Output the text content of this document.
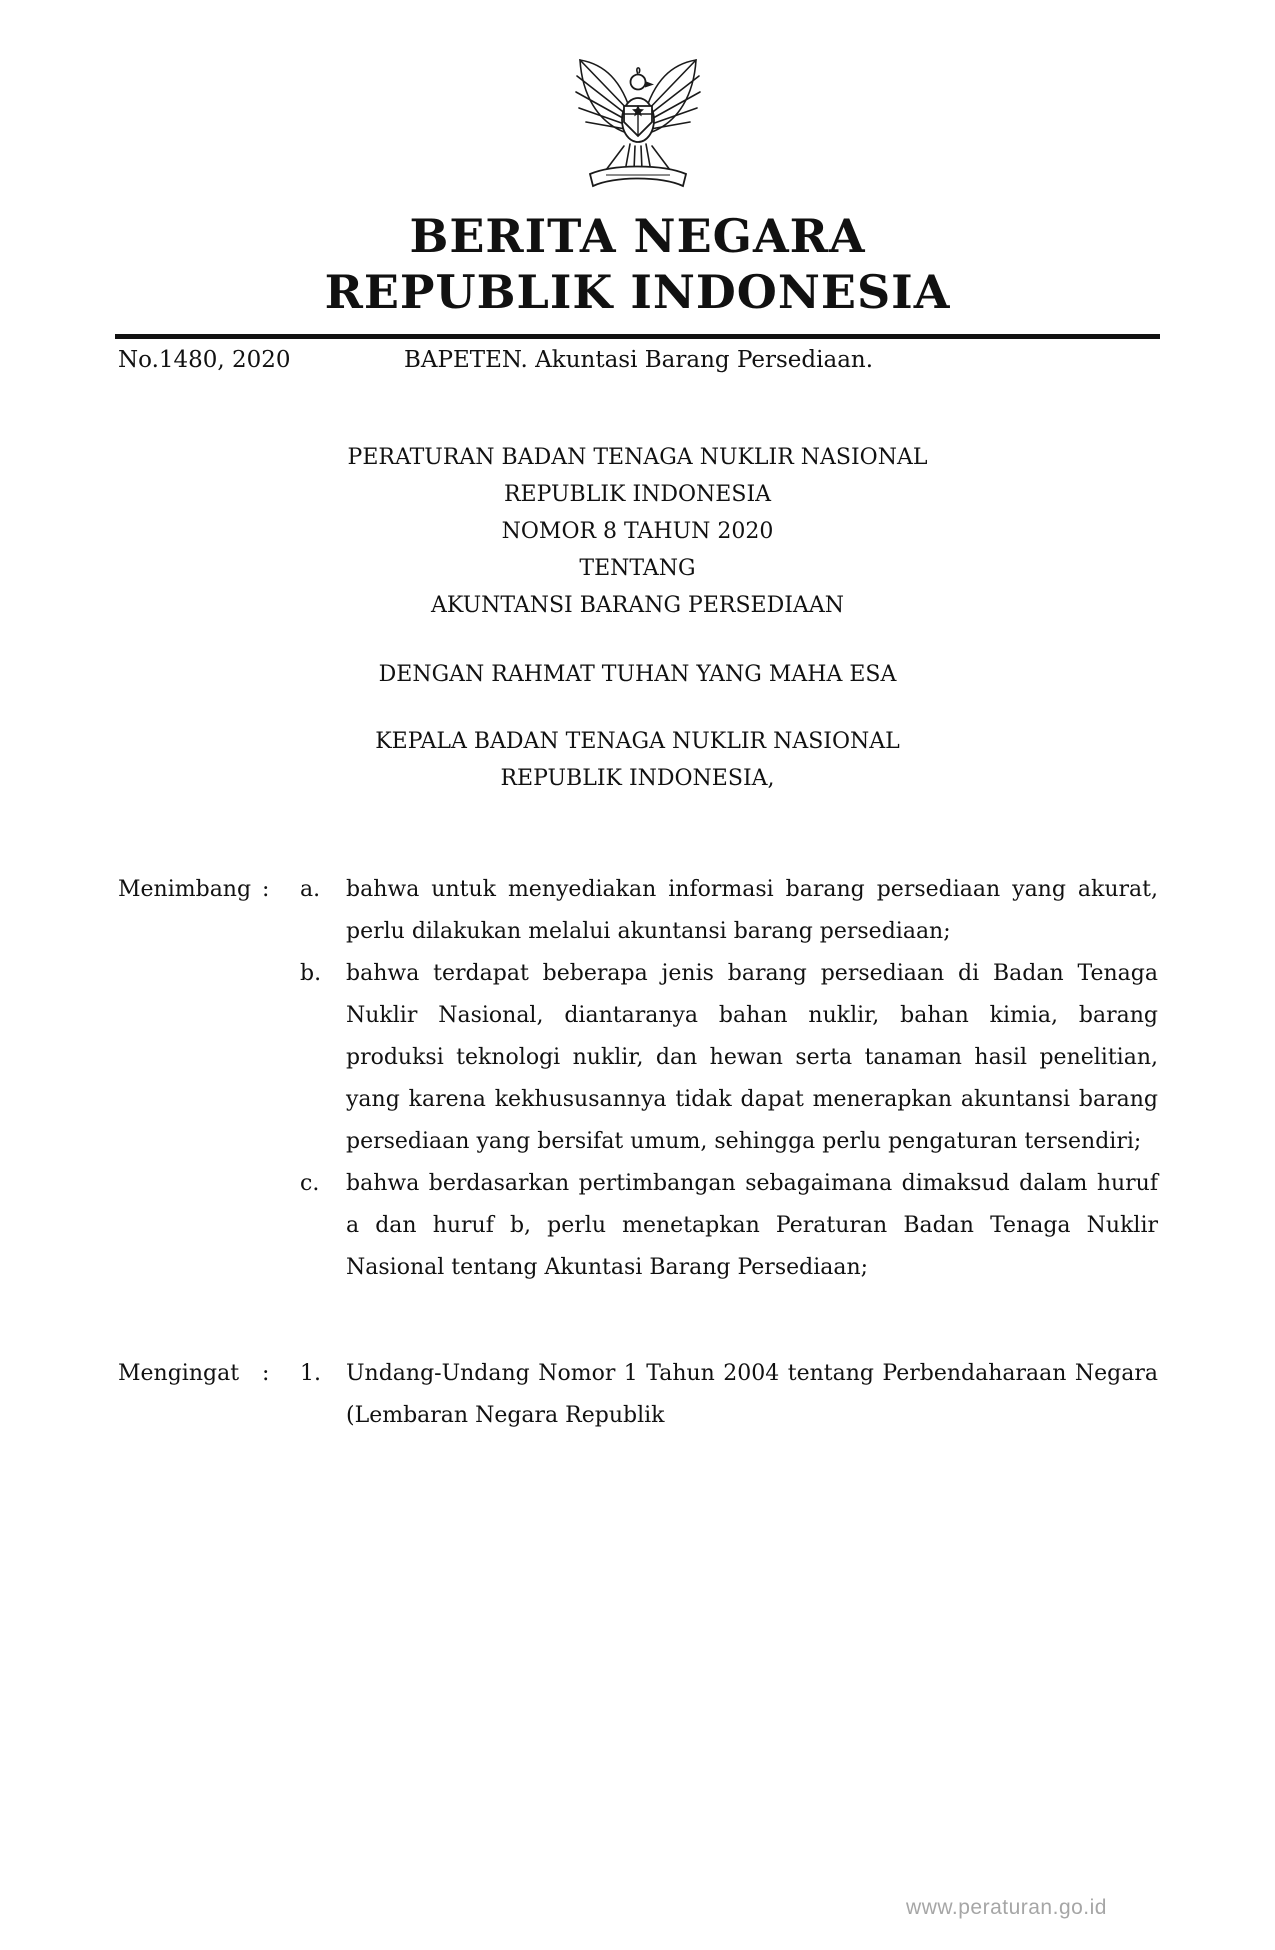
BERITA NEGARA
REPUBLIK INDONESIA
No.1480, 2020	BAPETEN. Akuntasi Barang Persediaan.
PERATURAN BADAN TENAGA NUKLIR NASIONAL
REPUBLIK INDONESIA
NOMOR 8 TAHUN 2020
TENTANG
AKUNTANSI BARANG PERSEDIAAN
DENGAN RAHMAT TUHAN YANG MAHA ESA
KEPALA BADAN TENAGA NUKLIR NASIONAL
REPUBLIK INDONESIA,
Menimbang :	a.	bahwa untuk menyediakan informasi barang persediaan yang akurat, perlu dilakukan melalui akuntansi barang persediaan;
b.	bahwa terdapat beberapa jenis barang persediaan di Badan Tenaga Nuklir Nasional, diantaranya bahan nuklir, bahan kimia, barang produksi teknologi nuklir, dan hewan serta tanaman hasil penelitian, yang karena kekhususannya tidak dapat menerapkan akuntansi barang persediaan yang bersifat umum, sehingga perlu pengaturan tersendiri;
c.	bahwa berdasarkan pertimbangan sebagaimana dimaksud dalam huruf a dan huruf b, perlu menetapkan Peraturan Badan Tenaga Nuklir Nasional tentang Akuntasi Barang Persediaan;
Mengingat	:	1.	Undang-Undang Nomor 1 Tahun 2004 tentang Perbendaharaan Negara (Lembaran Negara Republik
www.peraturan.go.id
